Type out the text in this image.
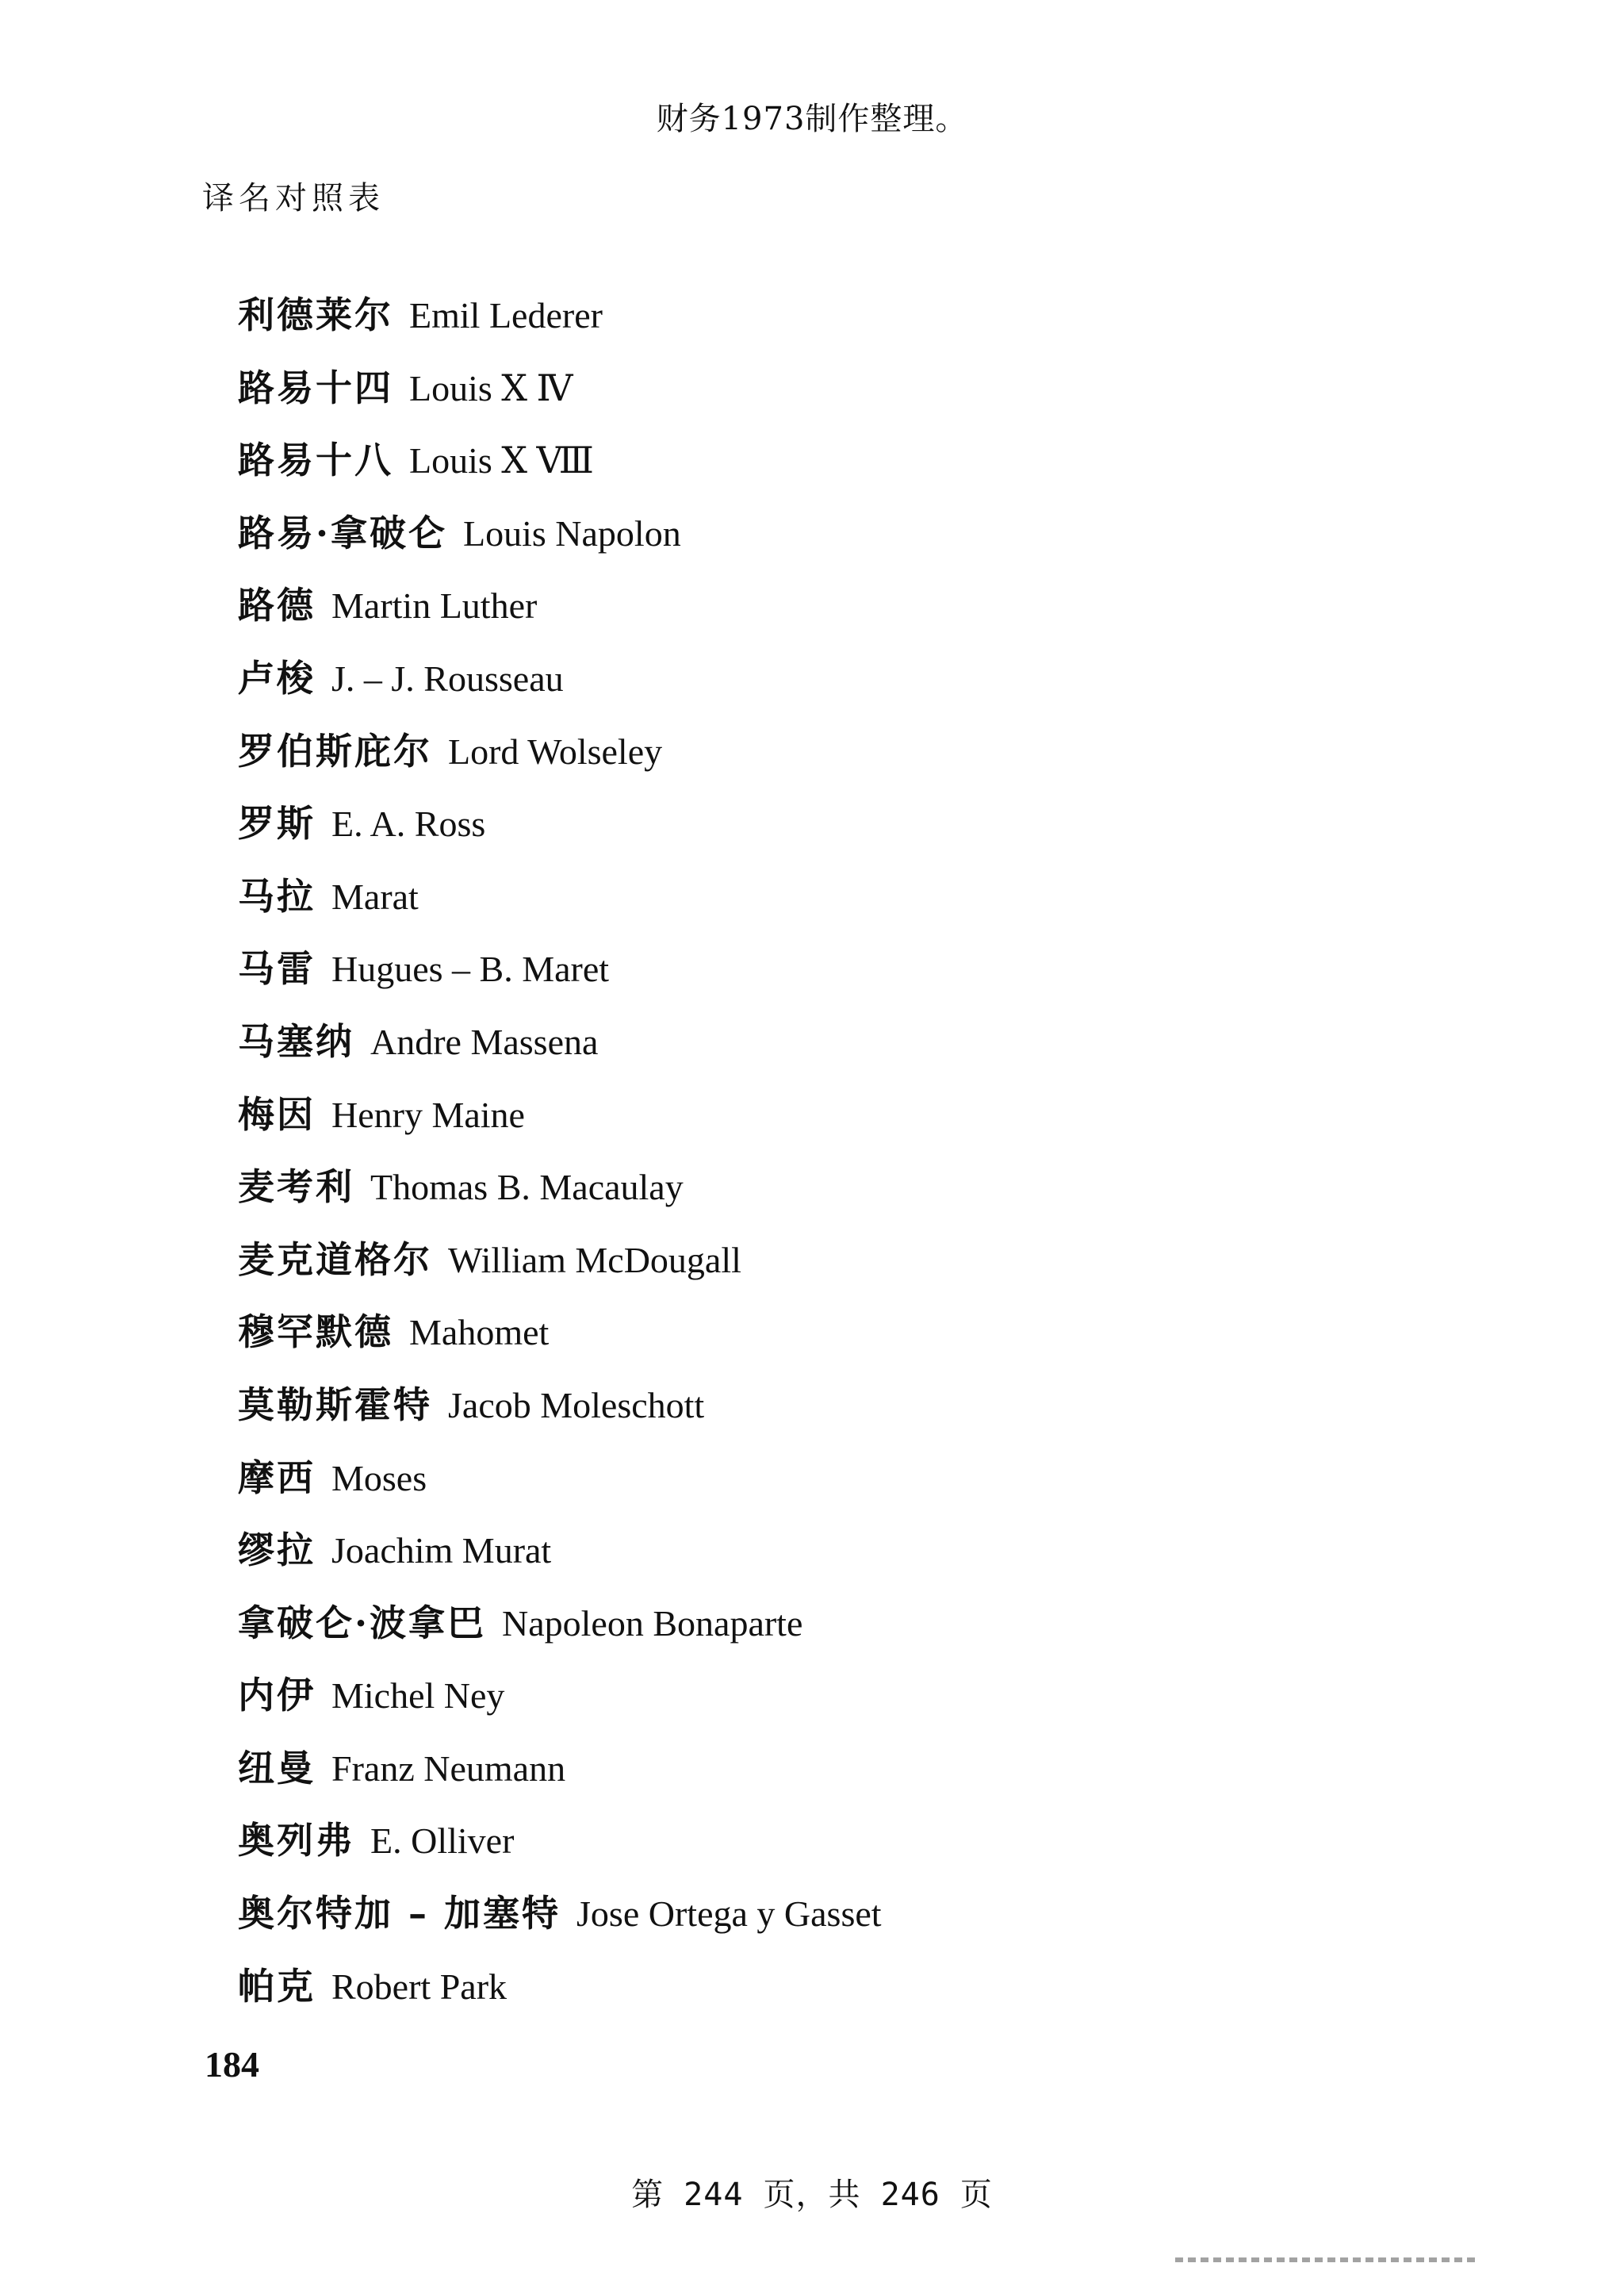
财务1973制作整理。
译名对照表
利德莱尔 Emil Lederer
路易十四 Louis Ⅹ Ⅳ
路易十八 Louis Ⅹ Ⅷ
路易·拿破仑 Louis Napolon
路德 Martin Luther
卢梭 J. – J. Rousseau
罗伯斯庇尔 Lord Wolseley
罗斯 E. A. Ross
马拉 Marat
马雷 Hugues – B. Maret
马塞纳 Andre Massena
梅因 Henry Maine
麦考利 Thomas B. Macaulay
麦克道格尔 William McDougall
穆罕默德 Mahomet
莫勒斯霍特 Jacob Moleschott
摩西 Moses
缪拉 Joachim Murat
拿破仑·波拿巴 Napoleon Bonaparte
内伊 Michel Ney
纽曼 Franz Neumann
奥列弗 E. Olliver
奥尔特加 – 加塞特 Jose Ortega y Gasset
帕克 Robert Park
184
第 244 页，共 246 页
